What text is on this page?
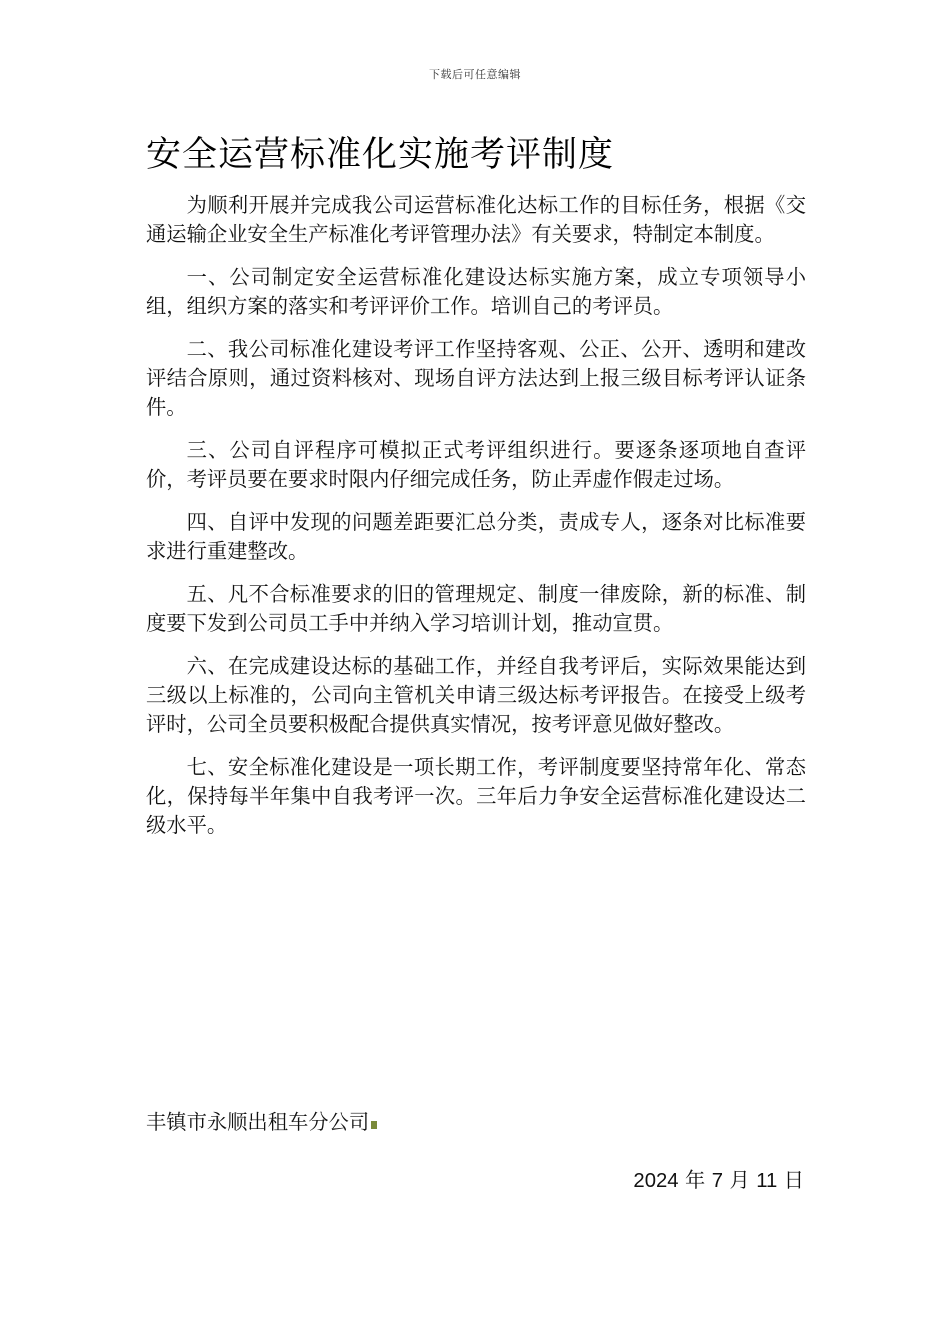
下载后可任意编辑
安全运营标准化实施考评制度

为顺利开展并完成我公司运营标准化达标工作的目标任务，根据《交通运输企业安全生产标准化考评管理办法》有关要求，特制定本制度。

一、公司制定安全运营标准化建设达标实施方案，成立专项领导小组，组织方案的落实和考评评价工作。培训自己的考评员。

二、我公司标准化建设考评工作坚持客观、公正、公开、透明和建改评结合原则，通过资料核对、现场自评方法达到上报三级目标考评认证条件。

三、公司自评程序可模拟正式考评组织进行。要逐条逐项地自查评价，考评员要在要求时限内仔细完成任务，防止弄虚作假走过场。

四、自评中发现的问题差距要汇总分类，责成专人，逐条对比标准要求进行重建整改。

五、凡不合标准要求的旧的管理规定、制度一律废除，新的标准、制度要下发到公司员工手中并纳入学习培训计划，推动宣贯。

六、在完成建设达标的基础工作，并经自我考评后，实际效果能达到三级以上标准的，公司向主管机关申请三级达标考评报告。在接受上级考评时，公司全员要积极配合提供真实情况，按考评意见做好整改。

七、安全标准化建设是一项长期工作，考评制度要坚持常年化、常态化，保持每半年集中自我考评一次。三年后力争安全运营标准化建设达二级水平。

丰镇市永顺出租车分公司
2024 年 7 月 11 日
